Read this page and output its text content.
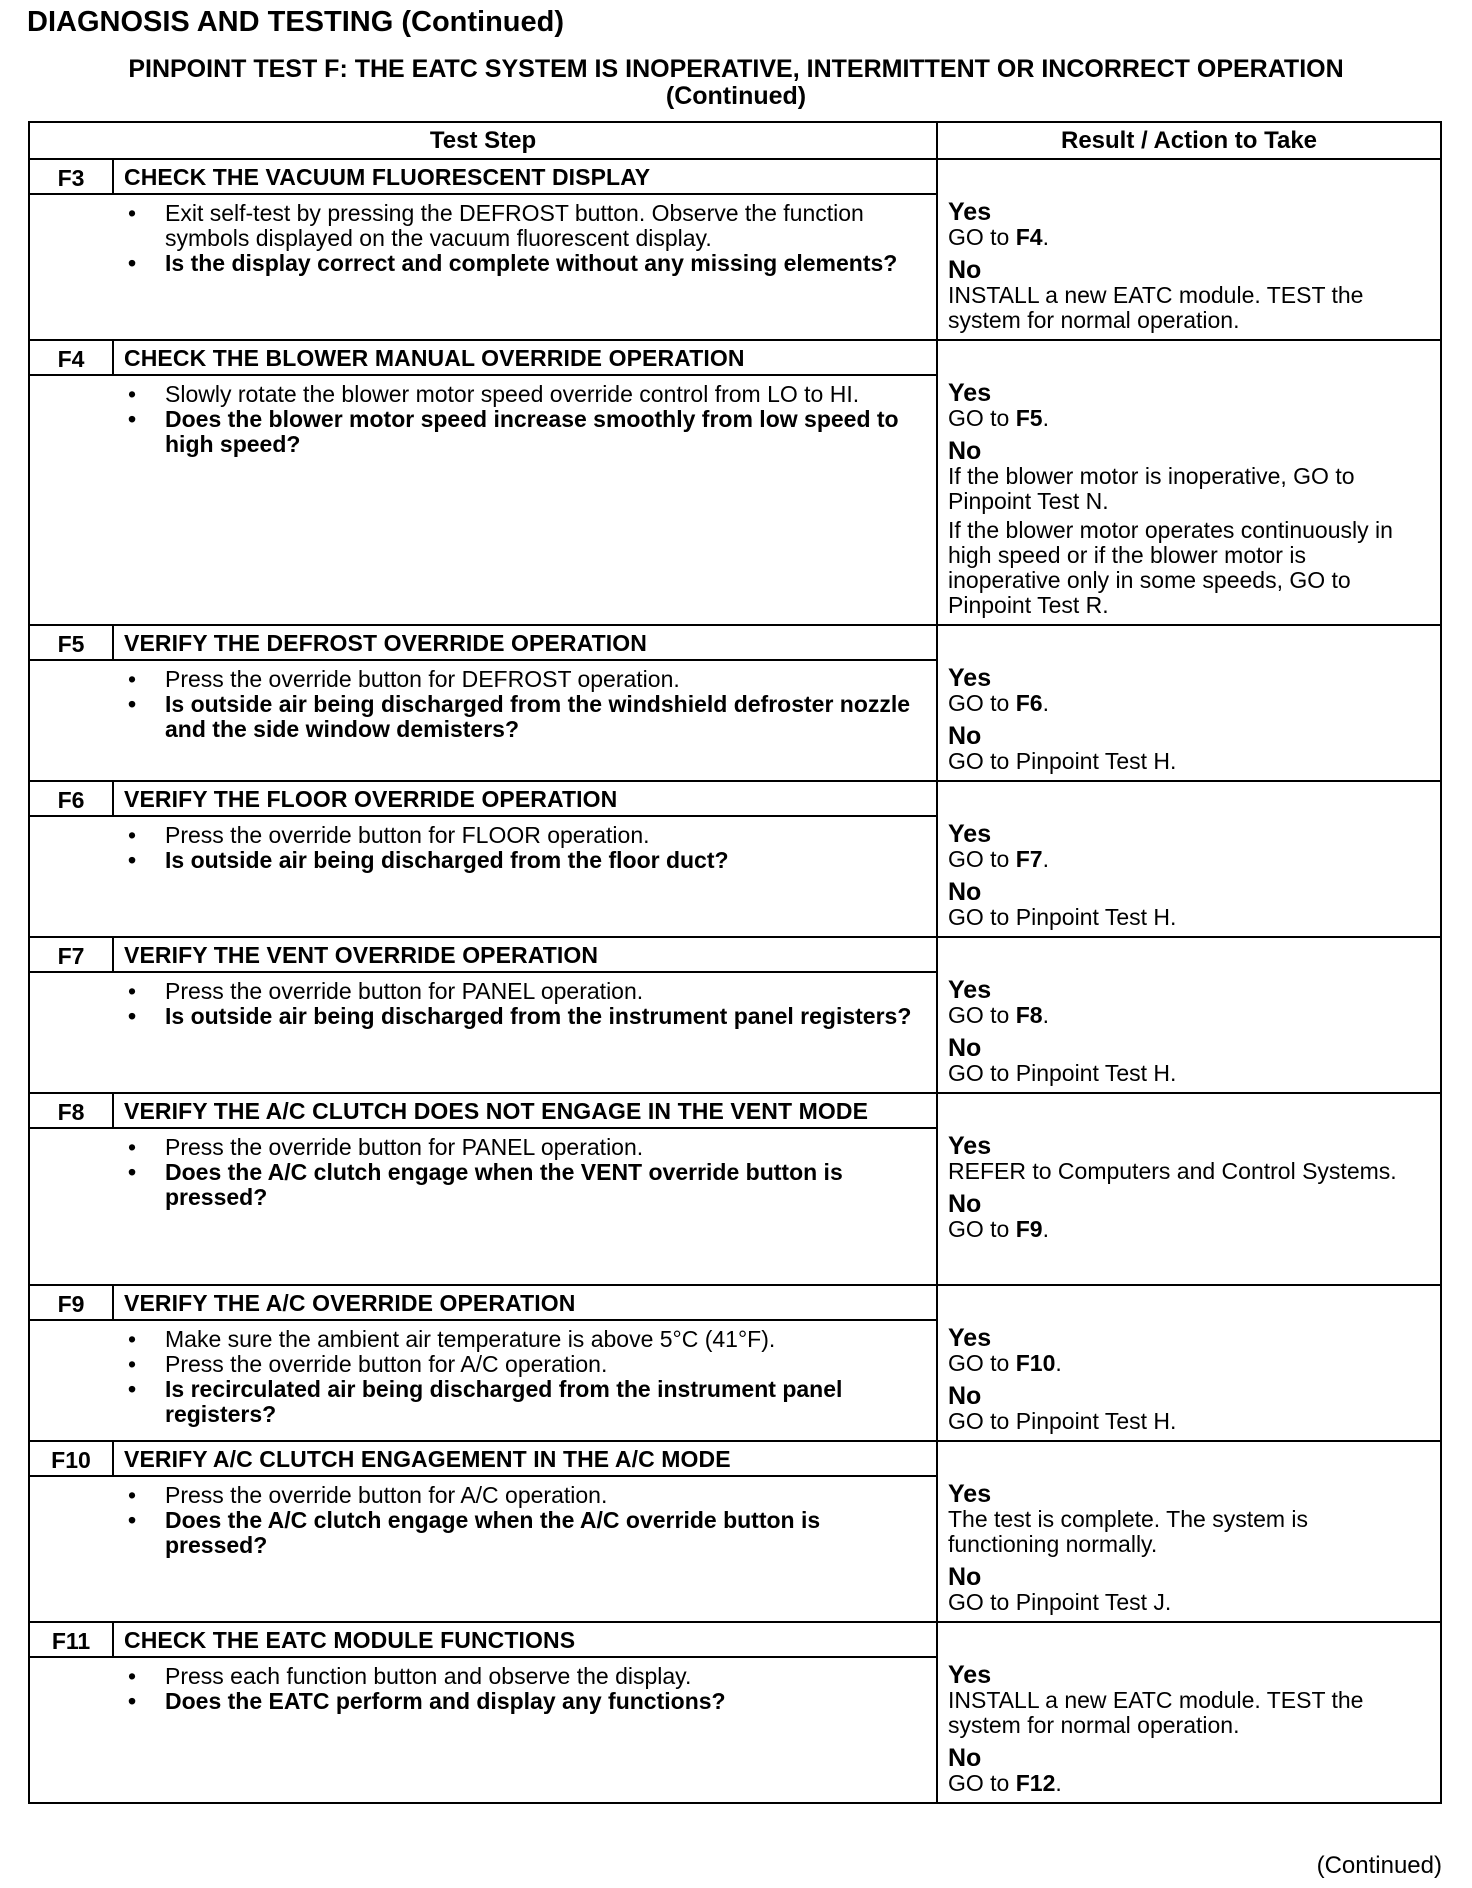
DIAGNOSIS AND TESTING (Continued)
PINPOINT TEST F: THE EATC SYSTEM IS INOPERATIVE, INTERMITTENT OR INCORRECT OPERATION
(Continued)
Test Step	Result / Action to Take
F3	CHECK THE VACUUM FLUORESCENT DISPLAY
• Exit self-test by pressing the DEFROST button. Observe the function symbols displayed on the vacuum fluorescent display.
• Is the display correct and complete without any missing elements?
Yes
GO to F4.
No
INSTALL a new EATC module. TEST the system for normal operation.
F4	CHECK THE BLOWER MANUAL OVERRIDE OPERATION
• Slowly rotate the blower motor speed override control from LO to HI.
• Does the blower motor speed increase smoothly from low speed to high speed?
Yes
GO to F5.
No
If the blower motor is inoperative, GO to Pinpoint Test N.
If the blower motor operates continuously in high speed or if the blower motor is inoperative only in some speeds, GO to Pinpoint Test R.
F5	VERIFY THE DEFROST OVERRIDE OPERATION
• Press the override button for DEFROST operation.
• Is outside air being discharged from the windshield defroster nozzle and the side window demisters?
Yes
GO to F6.
No
GO to Pinpoint Test H.
F6	VERIFY THE FLOOR OVERRIDE OPERATION
• Press the override button for FLOOR operation.
• Is outside air being discharged from the floor duct?
Yes
GO to F7.
No
GO to Pinpoint Test H.
F7	VERIFY THE VENT OVERRIDE OPERATION
• Press the override button for PANEL operation.
• Is outside air being discharged from the instrument panel registers?
Yes
GO to F8.
No
GO to Pinpoint Test H.
F8	VERIFY THE A/C CLUTCH DOES NOT ENGAGE IN THE VENT MODE
• Press the override button for PANEL operation.
• Does the A/C clutch engage when the VENT override button is pressed?
Yes
REFER to Computers and Control Systems.
No
GO to F9.
F9	VERIFY THE A/C OVERRIDE OPERATION
• Make sure the ambient air temperature is above 5°C (41°F).
• Press the override button for A/C operation.
• Is recirculated air being discharged from the instrument panel registers?
Yes
GO to F10.
No
GO to Pinpoint Test H.
F10	VERIFY A/C CLUTCH ENGAGEMENT IN THE A/C MODE
• Press the override button for A/C operation.
• Does the A/C clutch engage when the A/C override button is pressed?
Yes
The test is complete. The system is functioning normally.
No
GO to Pinpoint Test J.
F11	CHECK THE EATC MODULE FUNCTIONS
• Press each function button and observe the display.
• Does the EATC perform and display any functions?
Yes
INSTALL a new EATC module. TEST the system for normal operation.
No
GO to F12.
(Continued)
